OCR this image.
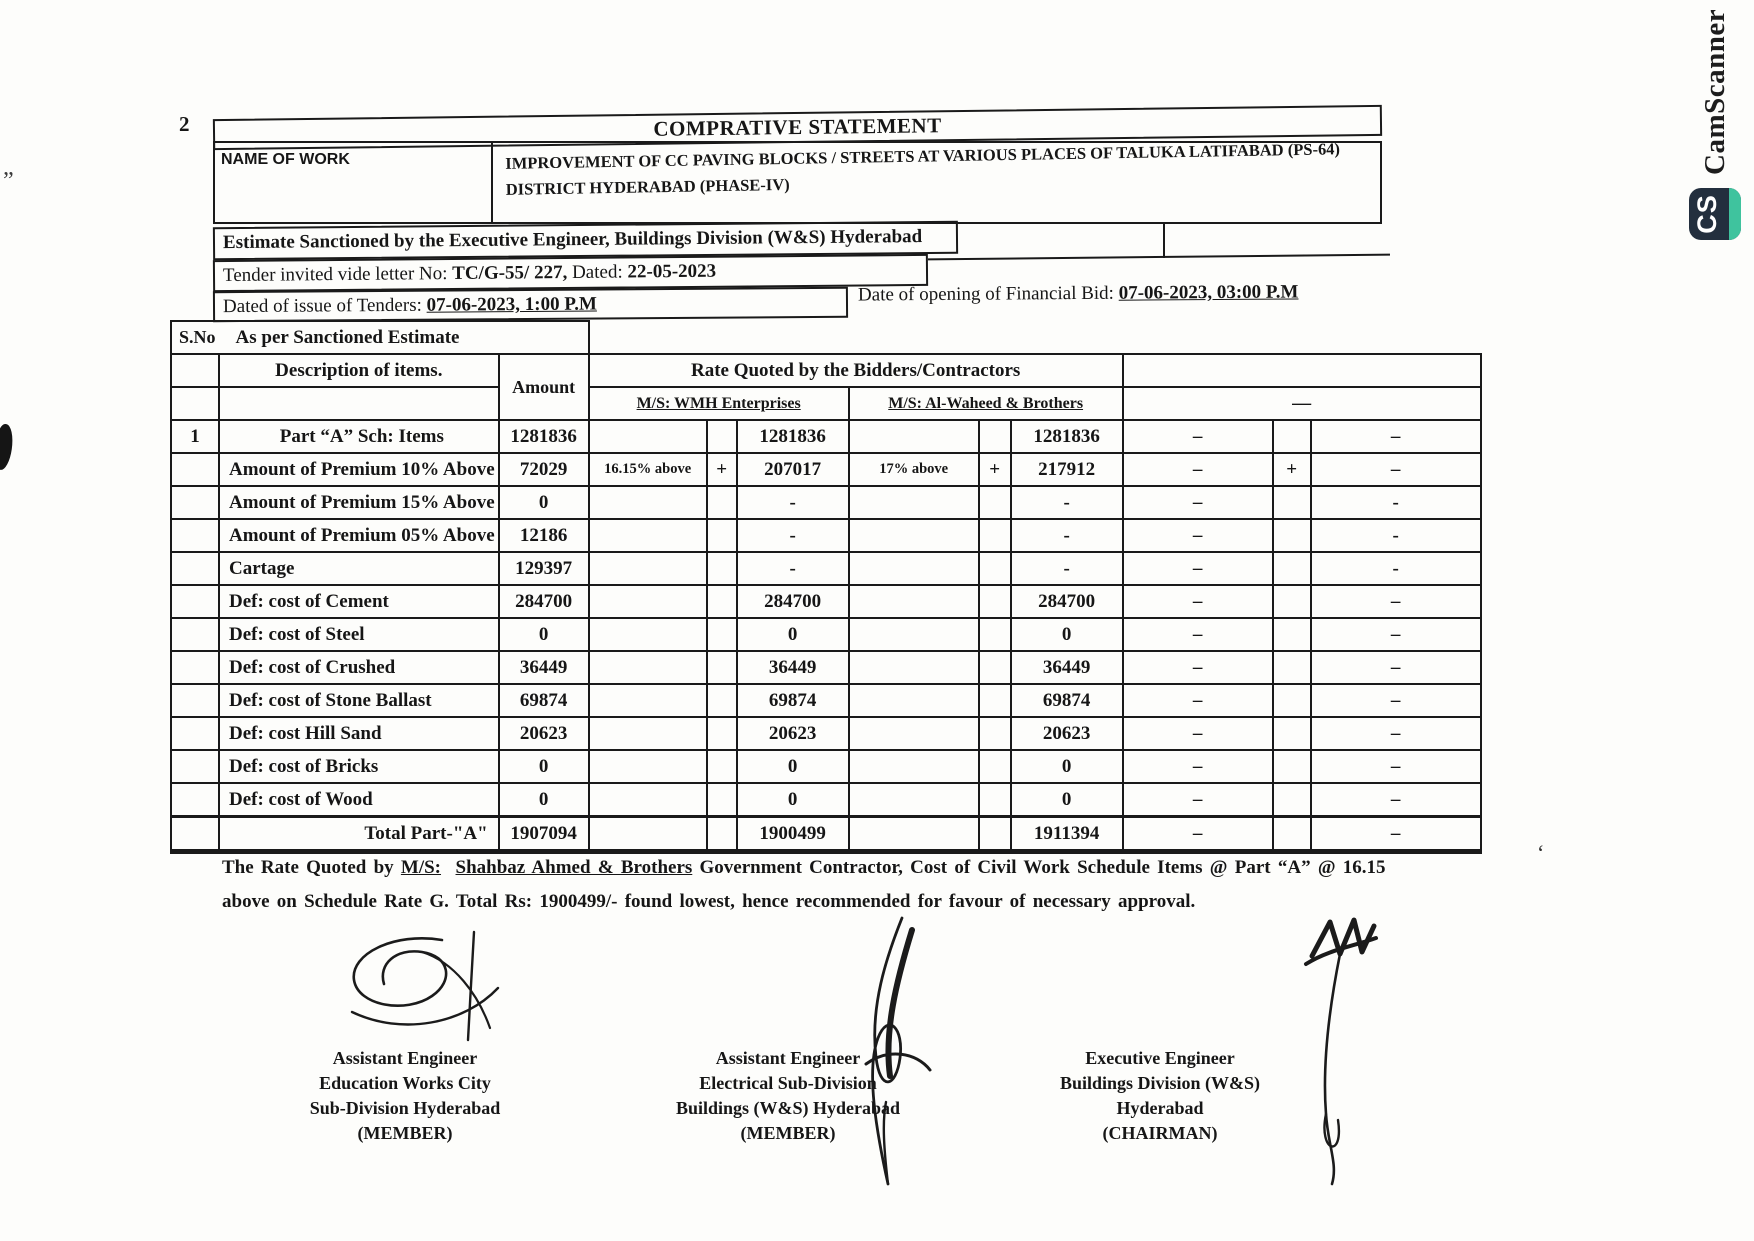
2
”
COMPRATIVE STATEMENT
NAME OF WORK	IMPROVEMENT OF CC PAVING BLOCKS / STREETS AT VARIOUS PLACES OF TALUKA LATIFABAD (PS-64)
DISTRICT HYDERABAD (PHASE-IV)
Estimate Sanctioned by the Executive Engineer, Buildings Division (W&S) Hyderabad
Tender invited vide letter No: TC/G-55/ 227, Dated: 22-05-2023
Dated of issue of Tenders: 07-06-2023, 1:00 P.M	Date of opening of Financial Bid: 07-06-2023, 03:00 P.M
S.No As per Sanctioned Estimate											

	Description of items.	Amount	Rate Quoted by the Bidders/Contractors								
			M/S: WMH Enterprises			M/S: Al-Waheed & Brothers			—		
1	Part “A” Sch: Items	1281836			1281836			1281836	–		–
	Amount of Premium 10% Above	72029	16.15% above	+	207017	17% above	+	217912	–	+	–
	Amount of Premium 15% Above	0			-			-	–		-
	Amount of Premium 05% Above	12186			-			-	–		-
	Cartage	129397			-			-	–		-
	Def: cost of Cement	284700			284700			284700	–		–
	Def: cost of Steel	0			0			0	–		–
	Def: cost of Crushed	36449			36449			36449	–		–
	Def: cost of Stone Ballast	69874			69874			69874	–		–
	Def: cost Hill Sand	20623			20623			20623	–		–
	Def: cost of Bricks	0			0			0	–		–
	Def: cost of Wood	0			0			0	–		–
	Total Part-"A"	1907094			1900499			1911394	–		–
The Rate Quoted by M/S: Shahbaz Ahmed & Brothers Government Contractor, Cost of Civil Work Schedule Items @ Part “A” @ 16.15
above on Schedule Rate G. Total Rs: 1900499/- found lowest, hence recommended for favour of necessary approval.
‘
Assistant Engineer
Education Works City
Sub-Division Hyderabad
(MEMBER)
Assistant Engineer
Electrical Sub-Division
Buildings (W&S) Hyderabad
(MEMBER)
Executive Engineer
Buildings Division (W&S)
Hyderabad
(CHAIRMAN)
CS
CamScanner
